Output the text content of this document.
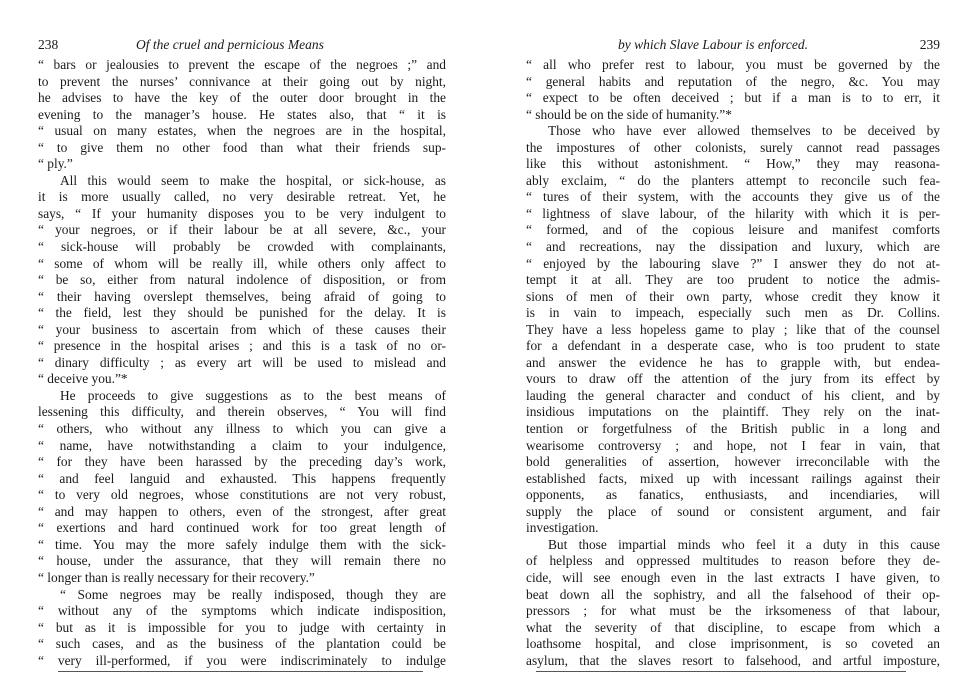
238	Of the cruel and pernicious Means
“ bars or jealousies to prevent the escape of the negroes ;” and
to prevent the nurses’ connivance at their going out by night,
he advises to have the key of the outer door brought in the
evening to the manager’s house. He states also, that “ it is
“ usual on many estates, when the negroes are in the hospital,
“ to give them no other food than what their friends sup-
“ ply.”
All this would seem to make the hospital, or sick-house, as
it is more usually called, no very desirable retreat. Yet, he
says, “ If your humanity disposes you to be very indulgent to
“ your negroes, or if their labour be at all severe, &c., your
“ sick-house will probably be crowded with complainants,
“ some of whom will be really ill, while others only affect to
“ be so, either from natural indolence of disposition, or from
“ their having overslept themselves, being afraid of going to
“ the field, lest they should be punished for the delay. It is
“ your business to ascertain from which of these causes their
“ presence in the hospital arises ; and this is a task of no or-
“ dinary difficulty ; as every art will be used to mislead and
“ deceive you.”*
He proceeds to give suggestions as to the best means of
lessening this difficulty, and therein observes, “ You will find
“ others, who without any illness to which you can give a
“ name, have notwithstanding a claim to your indulgence,
“ for they have been harassed by the preceding day’s work,
“ and feel languid and exhausted. This happens frequently
“ to very old negroes, whose constitutions are not very robust,
“ and may happen to others, even of the strongest, after great
“ exertions and hard continued work for too great length of
“ time. You may the more safely indulge them with the sick-
“ house, under the assurance, that they will remain there no
“ longer than is really necessary for their recovery.”
“ Some negroes may be really indisposed, though they are
“ without any of the symptoms which indicate indisposition,
“ but as it is impossible for you to judge with certainty in
“ such cases, and as the business of the plantation could be
“ very ill-performed, if you were indiscriminately to indulge
by which Slave Labour is enforced.	239
“ all who prefer rest to labour, you must be governed by the
“ general habits and reputation of the negro, &c. You may
“ expect to be often deceived ; but if a man is to to err, it
“ should be on the side of humanity.”*
Those who have ever allowed themselves to be deceived by
the impostures of other colonists, surely cannot read passages
like this without astonishment. “ How,” they may reasona-
ably exclaim, “ do the planters attempt to reconcile such fea-
“ tures of their system, with the accounts they give us of the
“ lightness of slave labour, of the hilarity with which it is per-
“ formed, and of the copious leisure and manifest comforts
“ and recreations, nay the dissipation and luxury, which are
“ enjoyed by the labouring slave ?” I answer they do not at-
tempt it at all. They are too prudent to notice the admis-
sions of men of their own party, whose credit they know it
is in vain to impeach, especially such men as Dr. Collins.
They have a less hopeless game to play ; like that of the counsel
for a defendant in a desperate case, who is too prudent to state
and answer the evidence he has to grapple with, but endea-
vours to draw off the attention of the jury from its effect by
lauding the general character and conduct of his client, and by
insidious imputations on the plaintiff. They rely on the inat-
tention or forgetfulness of the British public in a long and
wearisome controversy ; and hope, not I fear in vain, that
bold generalities of assertion, however irreconcilable with the
established facts, mixed up with incessant railings against their
opponents, as fanatics, enthusiasts, and incendiaries, will
supply the place of sound or consistent argument, and fair
investigation.
But those impartial minds who feel it a duty in this cause
of helpless and oppressed multitudes to reason before they de-
cide, will see enough even in the last extracts I have given, to
beat down all the sophistry, and all the falsehood of their op-
pressors ; for what must be the irksomeness of that labour,
what the severity of that discipline, to escape from which a
loathsome hospital, and close imprisonment, is so coveted an
asylum, that the slaves resort to falsehood, and artful imposture,
